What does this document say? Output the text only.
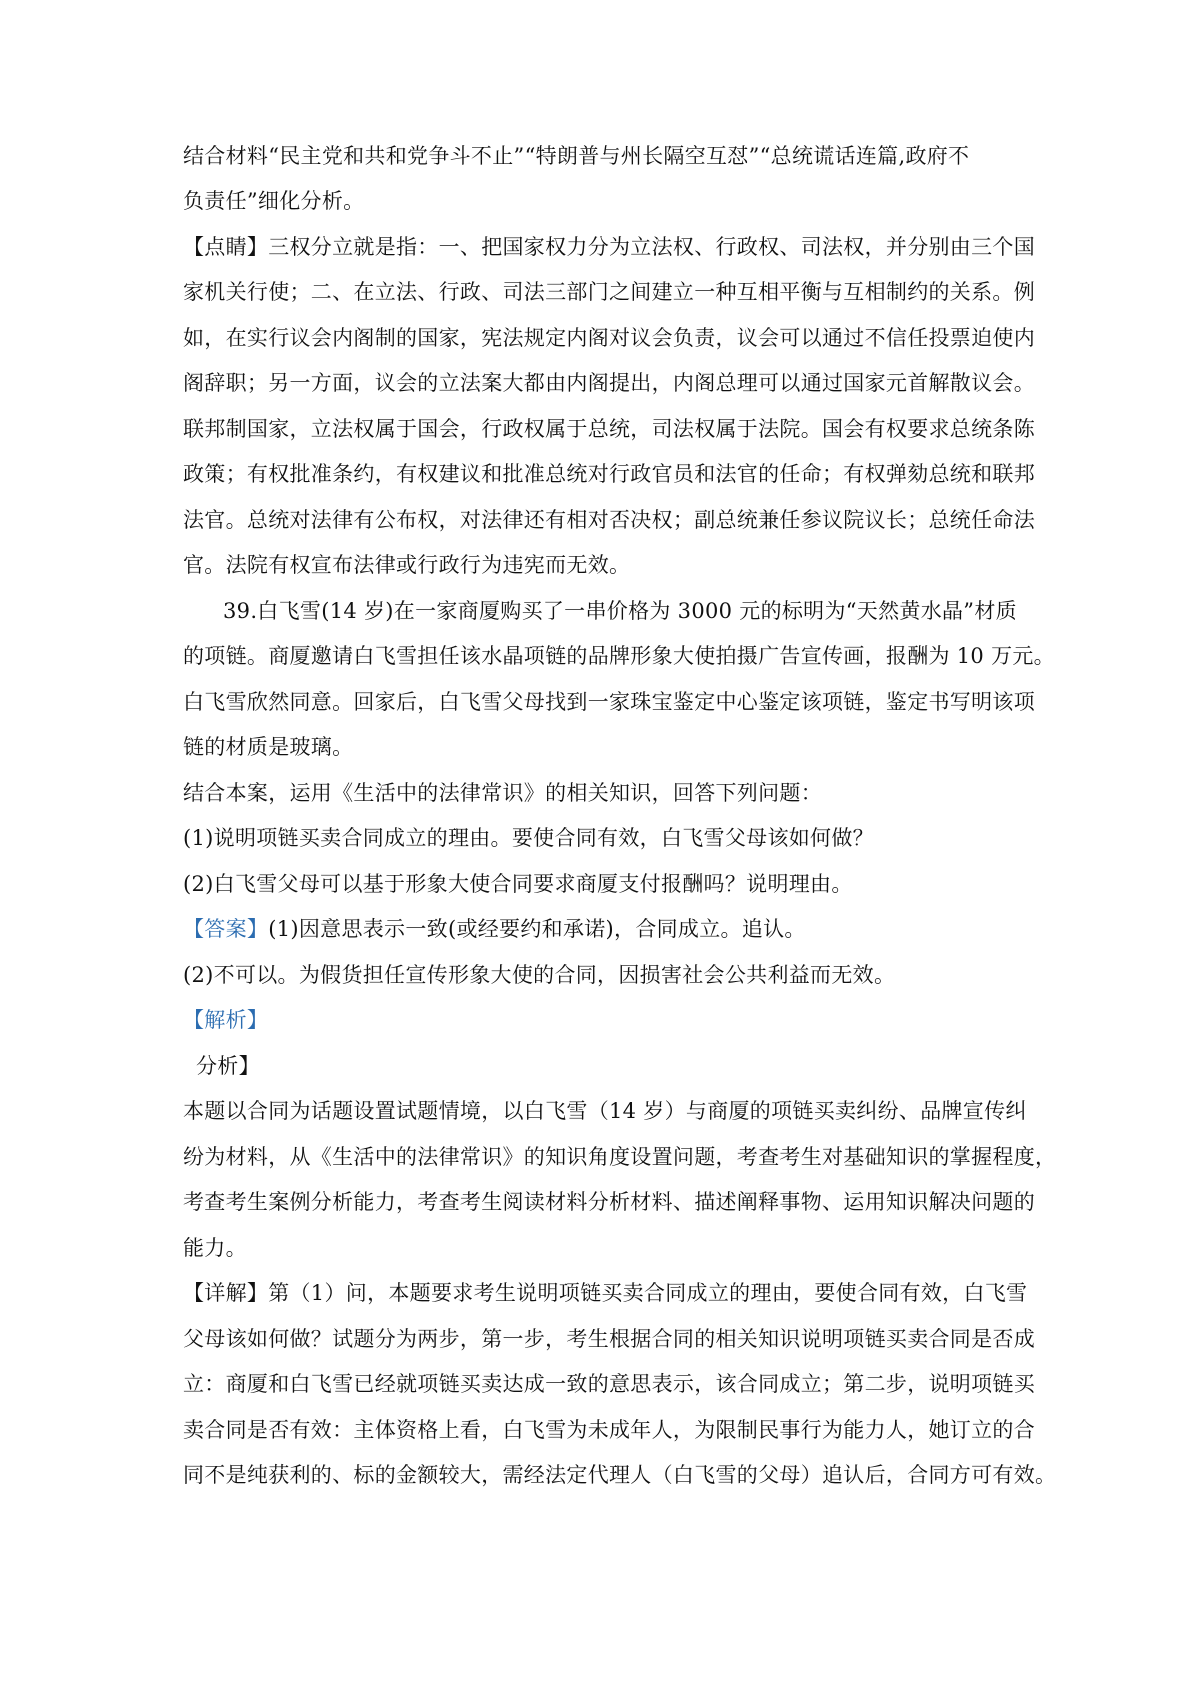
结合材料“民主党和共和党争斗不止”“特朗普与州长隔空互怼”“总统谎话连篇,政府不
负责任”细化分析。
【点睛】三权分立就是指：一、把国家权力分为立法权、行政权、司法权，并分别由三个国
家机关行使；二、在立法、行政、司法三部门之间建立一种互相平衡与互相制约的关系。例
如，在实行议会内阁制的国家，宪法规定内阁对议会负责，议会可以通过不信任投票迫使内
阁辞职；另一方面，议会的立法案大都由内阁提出，内阁总理可以通过国家元首解散议会。
联邦制国家，立法权属于国会，行政权属于总统，司法权属于法院。国会有权要求总统条陈
政策；有权批准条约，有权建议和批准总统对行政官员和法官的任命；有权弹劾总统和联邦
法官。总统对法律有公布权，对法律还有相对否决权；副总统兼任参议院议长；总统任命法
官。法院有权宣布法律或行政行为违宪而无效。
39.白飞雪(14 岁)在一家商厦购买了一串价格为 3000 元的标明为“天然黄水晶”材质
的项链。商厦邀请白飞雪担任该水晶项链的品牌形象大使拍摄广告宣传画，报酬为 10 万元。
白飞雪欣然同意。回家后，白飞雪父母找到一家珠宝鉴定中心鉴定该项链，鉴定书写明该项
链的材质是玻璃。
结合本案，运用《生活中的法律常识》的相关知识，回答下列问题：
(1)说明项链买卖合同成立的理由。要使合同有效，白飞雪父母该如何做？
(2)白飞雪父母可以基于形象大使合同要求商厦支付报酬吗？说明理由。
【答案】(1)因意思表示一致(或经要约和承诺)，合同成立。追认。
(2)不可以。为假货担任宣传形象大使的合同，因损害社会公共利益而无效。
【解析】
分析】
本题以合同为话题设置试题情境，以白飞雪（14 岁）与商厦的项链买卖纠纷、品牌宣传纠
纷为材料，从《生活中的法律常识》的知识角度设置问题，考查考生对基础知识的掌握程度，
考查考生案例分析能力，考查考生阅读材料分析材料、描述阐释事物、运用知识解决问题的
能力。
【详解】第（1）问，本题要求考生说明项链买卖合同成立的理由，要使合同有效，白飞雪
父母该如何做？试题分为两步，第一步，考生根据合同的相关知识说明项链买卖合同是否成
立：商厦和白飞雪已经就项链买卖达成一致的意思表示，该合同成立；第二步，说明项链买
卖合同是否有效：主体资格上看，白飞雪为未成年人，为限制民事行为能力人，她订立的合
同不是纯获利的、标的金额较大，需经法定代理人（白飞雪的父母）追认后，合同方可有效。
